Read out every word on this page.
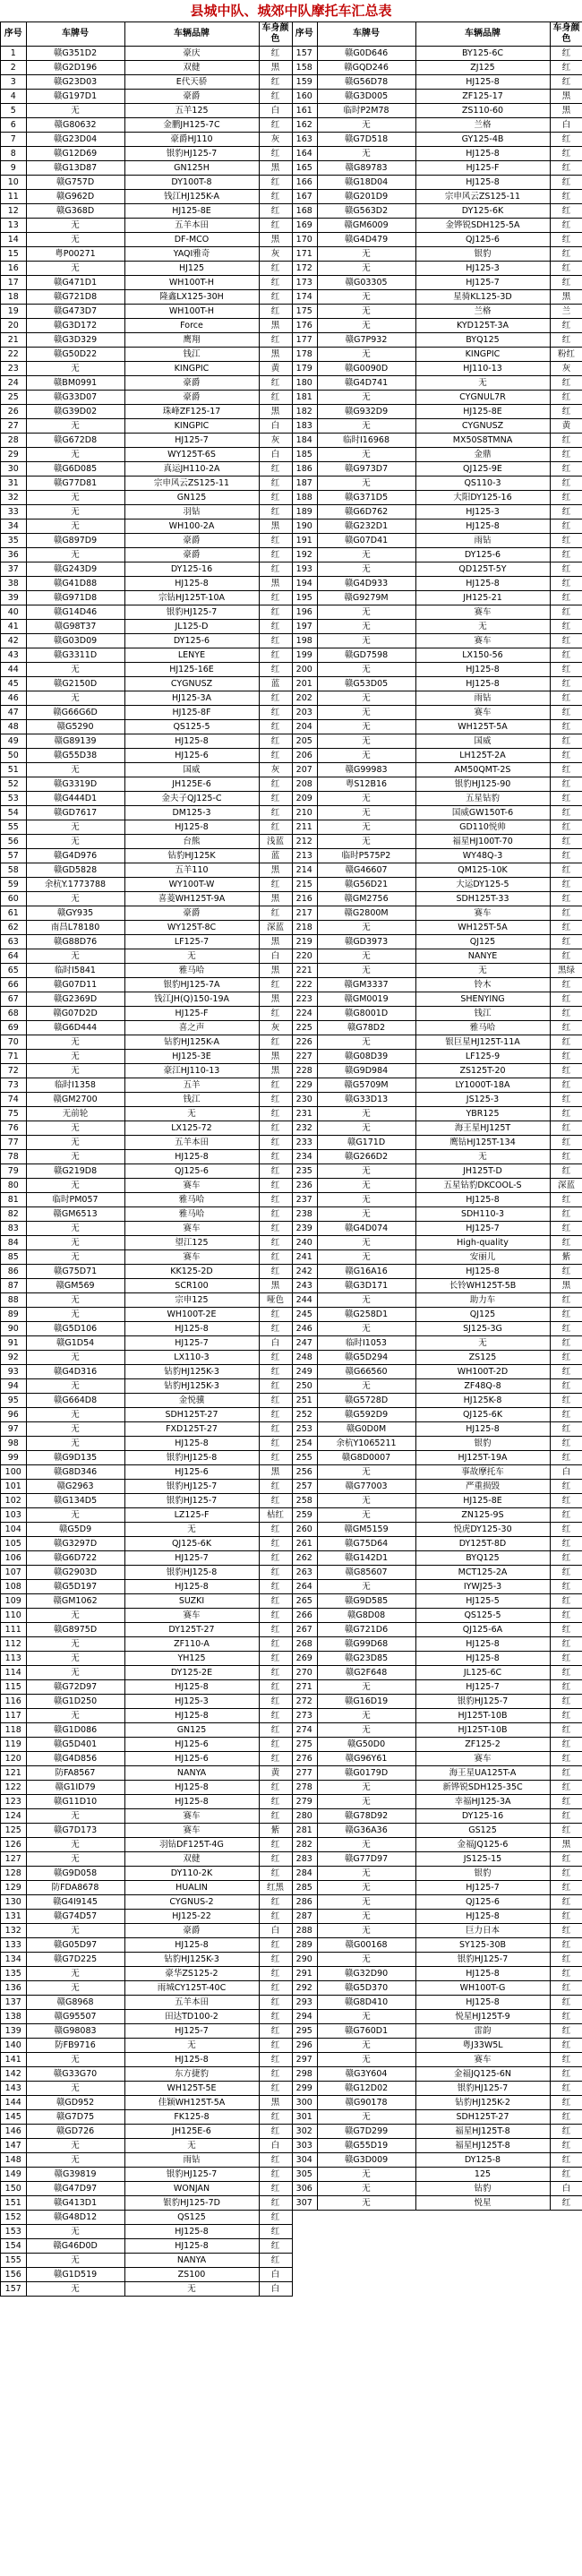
县城中队、城郊中队摩托车汇总表
序号	车牌号	车辆品牌	车身颜色
1	赣G351D2	豪庆	红
2	赣G2D196	双健	黑
3	赣G23D03	E代天骄	红
4	赣G197D1	豪爵	红
5	无	五羊125	白
6	赣G80632	金鹏JH125-7C	红
7	赣G23D04	豪爵HJ110	灰
8	赣G12D69	银豹HJ125-7	红
9	赣G13D87	GN125H	黑
10	赣G757D	DY100T-8	红
11	赣G962D	钱江HJ125K-A	红
12	赣G368D	HJ125-8E	红
13	无	五羊本田	红
14	无	DF-MCO	黑
15	粤P00271	YAQI雅奇	灰
16	无	HJ125	红
17	赣G471D1	WH100T-H	红
18	赣G721D8	隆鑫LX125-30H	红
19	赣G473D7	WH100T-H	红
20	赣G3D172	Force	黑
21	赣G3D329	鹰翔	红
22	赣G50D22	钱江	黑
23	无	KINGPIC	黄
24	赣BM0991	豪爵	红
25	赣G33D07	豪爵	红
26	赣G39D02	珠峰ZF125-17	黑
27	无	KINGPIC	白
28	赣G672D8	HJ125-7	灰
29	无	WY125T-6S	白
30	赣G6D085	真运JH110-2A	红
31	赣G77D81	宗申风云ZS125-11	红
32	无	GN125	红
33	无	羽钻	红
34	无	WH100-2A	黑
35	赣G897D9	豪爵	红
36	无	豪爵	红
37	赣G243D9	DY125-16	红
38	赣G41D88	HJ125-8	黑
39	赣G971D8	宗钻HJ125T-10A	红
40	赣G14D46	银豹HJ125-7	红
41	赣G98T37	JL125-D	红
42	赣G03D09	DY125-6	红
43	赣G3311D	LENYE	红
44	无	HJ125-16E	红
45	赣G2150D	CYGNUSZ	蓝
46	无	HJ125-3A	红
47	赣G66G6D	HJ125-8F	红
48	赣G5290	QS125-5	红
49	赣G89139	HJ125-8	红
50	赣G55D38	HJ125-6	红
51	无	国威	灰
52	赣G3319D	JH125E-6	红
53	赣G444D1	金夫子QJ125-C	红
54	赣GD7617	DM125-3	红
55	无	HJ125-8	红
56	无	台熊	浅蓝
57	赣G4D976	钻豹HJ125K	蓝
58	赣GD5828	五羊110	黑
59	余杭Y.1773788	WY100T-W	红
60	无	喜菱WH125T-9A	黑
61	赣GY935	豪爵	红
62	南昌L78180	WY125T-8C	深蓝
63	赣G88D76	LF125-7	黑
64	无	无	白
65	临时I5841	雅马哈	黑
66	赣G07D11	银豹HJ125-7A	红
67	赣G2369D	钱江JH(Q)150-19A	黑
68	赣G07D2D	HJ125-F	红
69	赣G6D444	喜之声	灰
70	无	钻豹HJ125K-A	红
71	无	HJ125-3E	黑
72	无	豪江HJ110-13	黑
73	临时I1358	五羊	红
74	赣GM2700	钱江	红
75	无前轮	无	红
76	无	LX125-72	红
77	无	五羊本田	红
78	无	HJ125-8	红
79	赣G219D8	QJ125-6	红
80	无	赛车	红
81	临时PM057	雅马哈	红
82	赣GM6513	雅马哈	红
83	无	赛车	红
84	无	望江125	红
85	无	赛车	红
86	赣G75D71	KK125-2D	红
87	赣GM569	SCR100	黑
88	无	宗申125	哑色
89	无	WH100T-2E	红
90	赣G5D106	HJ125-8	红
91	赣G1D54	HJ125-7	白
92	无	LX110-3	红
93	赣G4D316	钻豹HJ125K-3	红
94	无	钻豹HJ125K-3	红
95	赣G664D8	金悦骥	红
96	无	SDH125T-27	红
97	无	FXD125T-27	红
98	无	HJ125-8	红
99	赣G9D135	银豹HJ125-8	红
100	赣G8D346	HJ125-6	黑
101	赣G2963	银豹HJ125-7	红
102	赣G134D5	银豹HJ125-7	红
103	无	LZ125-F	枯红
104	赣G5D9	无	红
105	赣G3297D	QJ125-6K	红
106	赣G6D722	HJ125-7	红
107	赣G2903D	银豹HJ125-8	红
108	赣G5D197	HJ125-8	红
109	赣GM1062	SUZKI	红
110	无	赛车	红
111	赣G8975D	DY125T-27	红
112	无	ZF110-A	红
113	无	YH125	红
114	无	DY125-2E	红
115	赣G72D97	HJ125-8	红
116	赣G1D250	HJ125-3	红
117	无	HJ125-8	红
118	赣G1D086	GN125	红
119	赣G5D401	HJ125-6	红
120	赣G4D856	HJ125-6	红
121	防FA8567	NANYA	黄
122	赣G1ID79	HJ125-8	红
123	赣G11D10	HJ125-8	红
124	无	赛车	红
125	赣G7D173	赛车	紫
126	无	羽钻DF125T-4G	红
127	无	双健	红
128	赣G9D058	DY110-2K	红
129	防FDA8678	HUALIN	红黑
130	赣G4I9145	CYGNUS-2	红
131	赣G74D57	HJ125-22	红
132	无	豪爵	白
133	赣G05D97	HJ125-8	红
134	赣G7D225	钻豹HJ125K-3	红
135	无	豪华ZS125-2	红
136	无	雨城CY125T-40C	红
137	赣G8968	五羊本田	红
138	赣G95507	田达TD100-2	红
139	赣G98083	HJ125-7	红
140	防FB9716	无	红
141	无	HJ125-8	红
142	赣G33G70	东方捷豹	红
143	无	WH125T-5E	红
144	赣GD952	佳颖WH125T-5A	黑
145	赣G7D75	FK125-8	红
146	赣GD726	JH125E-6	红
147	无	无	白
148	无	雨钻	红
149	赣G39819	银豹HJ125-7	红
150	赣G47D97	WONJAN	红
151	赣G413D1	银豹HJ125-7D	红
152	赣G48D12	QS125	红
153	无	HJ125-8	红
154	赣G46D0D	HJ125-8	红
155	无	NANYA	红
156	赣G1D519	ZS100	白
157	无	无	白
序号	车牌号	车辆品牌	车身颜色
157	赣G0D646	BY125-6C	红
158	赣GQD246	ZJ125	红
159	赣G56D78	HJ125-8	红
160	赣G3D005	ZF125-17	黑
161	临时P2M78	ZS110-60	黑
162	无	兰格	白
163	赣G7D518	GY125-4B	红
164	无	HJ125-8	红
165	赣G89783	HJ125-F	红
166	赣G18D04	HJ125-8	红
167	赣G201D9	宗申风云ZS125-11	红
168	赣G563D2	DY125-6K	红
169	赣GM6009	金铧锐SDH125-5A	红
170	赣G4D479	QJ125-6	红
171	无	银豹	红
172	无	HJ125-3	红
173	赣G03305	HJ125-7	红
174	无	星骑KL125-3D	黑
175	无	兰格	兰
176	无	KYD125T-3A	红
177	赣G7P932	BYQ125	红
178	无	KINGPIC	粉红
179	赣G0090D	HJ110-13	灰
180	赣G4D741	无	红
181	无	CYGNUL7R	红
182	赣G932D9	HJ125-8E	红
183	无	CYGNUSZ	黄
184	临时I16968	MX50S8TMNA	红
185	无	金鼎	红
186	赣G973D7	QJ125-9E	红
187	无	QS110-3	红
188	赣G371D5	大阳DY125-16	红
189	赣G6D762	HJ125-3	红
190	赣G232D1	HJ125-8	红
191	赣G07D41	雨钻	红
192	无	DY125-6	红
193	无	QD125T-5Y	红
194	赣G4D933	HJ125-8	红
195	赣G9279M	JH125-21	红
196	无	赛车	红
197	无	无	红
198	无	赛车	红
199	赣GD7598	LX150-56	红
200	无	HJ125-8	红
201	赣G53D05	HJ125-8	红
202	无	雨钻	红
203	无	赛车	红
204	无	WH125T-5A	红
205	无	国威	红
206	无	LH125T-2A	红
207	赣G99983	AM50QMT-2S	红
208	粤S12B16	银豹HJ125-90	红
209	无	五星钻豹	红
210	无	国威GW150T-6	红
211	无	GD110悦帅	红
212	无	福星HJ100T-70	红
213	临时P575P2	WY48Q-3	红
214	赣G46607	QM125-10K	红
215	赣G56D21	大运DY125-5	红
216	赣GM2756	SDH125T-33	红
217	赣G2800M	赛车	红
218	无	WH125T-5A	红
219	赣GD3973	QJ125	红
220	无	NANYE	红
221	无	无	黑绿
222	赣GM3337	铃木	红
223	赣GM0019	SHENYING	红
224	赣G8001D	钱江	红
225	赣G78D2	雅马哈	红
226	无	银巨星HJ125T-11A	红
227	赣G08D39	LF125-9	红
228	赣G9D984	ZS125T-20	红
229	赣G5709M	LY1000T-18A	红
230	赣G33D13	JS125-3	红
231	无	YBR125	红
232	无	海王星HJ125T	红
233	赣G171D	鹰钻HJ125T-134	红
234	赣G266D2	无	红
235	无	JH125T-D	红
236	无	五星钻豹DKCOOL-S	深蓝
237	无	HJ125-8	红
238	无	SDH110-3	红
239	赣G4D074	HJ125-7	红
240	无	High-quality	红
241	无	安丽儿	紫
242	赣G16A16	HJ125-8	红
243	赣G3D171	长铃WH125T-5B	黑
244	无	助力车	红
245	赣G258D1	QJ125	红
246	无	SJ125-3G	红
247	临时I1053	无	红
248	赣G5D294	ZS125	红
249	赣G66560	WH100T-2D	红
250	无	ZF48Q-8	红
251	赣G5728D	HJ125K-8	红
252	赣G592D9	QJ125-6K	红
253	赣G0D0M	HJ125-8	红
254	余杭Y1065211	银豹	红
255	赣G8D0007	HJ125T-19A	红
256	无	事故摩托车	白
257	赣G77003	严重损毁	红
258	无	HJ125-8E	红
259	无	ZN125-9S	红
260	赣GM5159	悦虎DY125-30	红
261	赣G75D64	DY125T-8D	红
262	赣G142D1	BYQ125	红
263	赣G85607	MCT125-2A	红
264	无	IYWJ25-3	红
265	赣G9D585	HJ125-5	红
266	赣G8D08	QS125-5	红
267	赣G721D6	QJ125-6A	红
268	赣G99D68	HJ125-8	红
269	赣G23D85	HJ125-8	红
270	赣G2F648	JL125-6C	红
271	无	HJ125-7	红
272	赣G16D19	银豹HJ125-7	红
273	无	HJ125T-10B	红
274	无	HJ125T-10B	红
275	赣G50D0	ZF125-2	红
276	赣G96Y61	赛车	红
277	赣G0179D	海王星UA125T-A	红
278	无	新铧锐SDH125-35C	红
279	无	幸福HJ125-3A	红
280	赣G78D92	DY125-16	红
281	赣G36A36	GS125	红
282	无	金福JQ125-6	黑
283	赣G77D97	JS125-15	红
284	无	银豹	红
285	无	HJ125-7	红
286	无	QJ125-6	红
287	无	HJ125-8	红
288	无	巨力日本	红
289	赣G00168	SY125-30B	红
290	无	银豹HJ125-7	红
291	赣G32D90	HJ125-8	红
292	赣G5D370	WH100T-G	红
293	赣G8D410	HJ125-8	红
294	无	悦星HJ125T-9	红
295	赣G760D1	雷韵	红
296	无	粤J33W5L	红
297	无	赛车	红
298	赣G3Y604	金福JQ125-6N	红
299	赣G12D02	银豹HJ125-7	红
300	赣G90178	钻豹HJ125K-2	红
301	无	SDH125T-27	红
302	赣G7D299	福星HJ125T-8	红
303	赣G55D19	福星HJ125T-8	红
304	赣G3D009	DY125-8	红
305	无	125	红
306	无	钻豹	白
307	无	悦星	红
